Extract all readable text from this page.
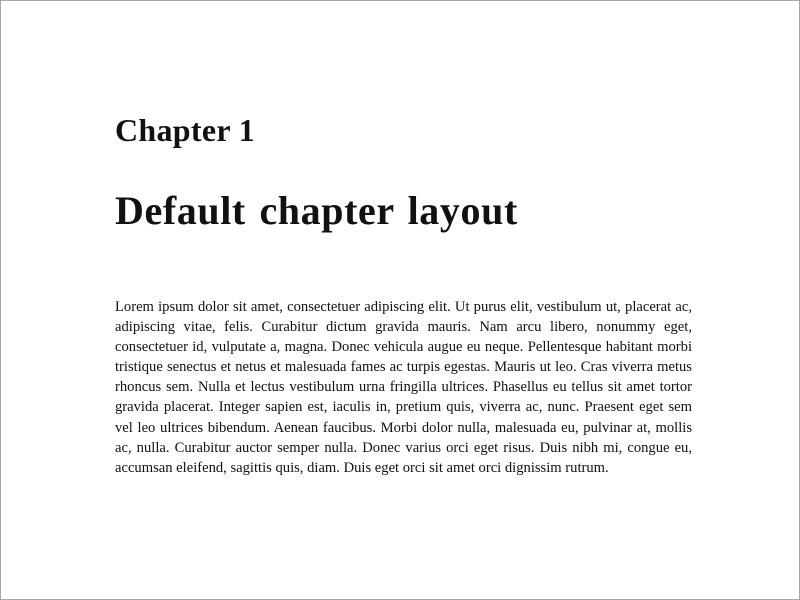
Chapter 1
Default chapter layout

Lorem ipsum dolor sit amet, consectetuer adipiscing elit. Ut purus elit, vestibulum ut, placerat ac, adipiscing vitae, felis. Curabitur dictum gravida mauris. Nam arcu libero, nonummy eget, consectetuer id, vulputate a, magna. Donec vehicula augue eu neque. Pellentesque habitant morbi tristique senectus et netus et malesuada fames ac turpis egestas. Mauris ut leo. Cras viverra metus rhoncus sem. Nulla et lectus vestibulum urna fringilla ultrices. Phasellus eu tellus sit amet tortor gravida placerat. Integer sapien est, iaculis in, pretium quis, viverra ac, nunc. Praesent eget sem vel leo ultrices bibendum. Aenean faucibus. Morbi dolor nulla, malesuada eu, pulvinar at, mollis ac, nulla. Curabitur auctor semper nulla. Donec varius orci eget risus. Duis nibh mi, congue eu, accumsan eleifend, sagittis quis, diam. Duis eget orci sit amet orci dignissim rutrum.
